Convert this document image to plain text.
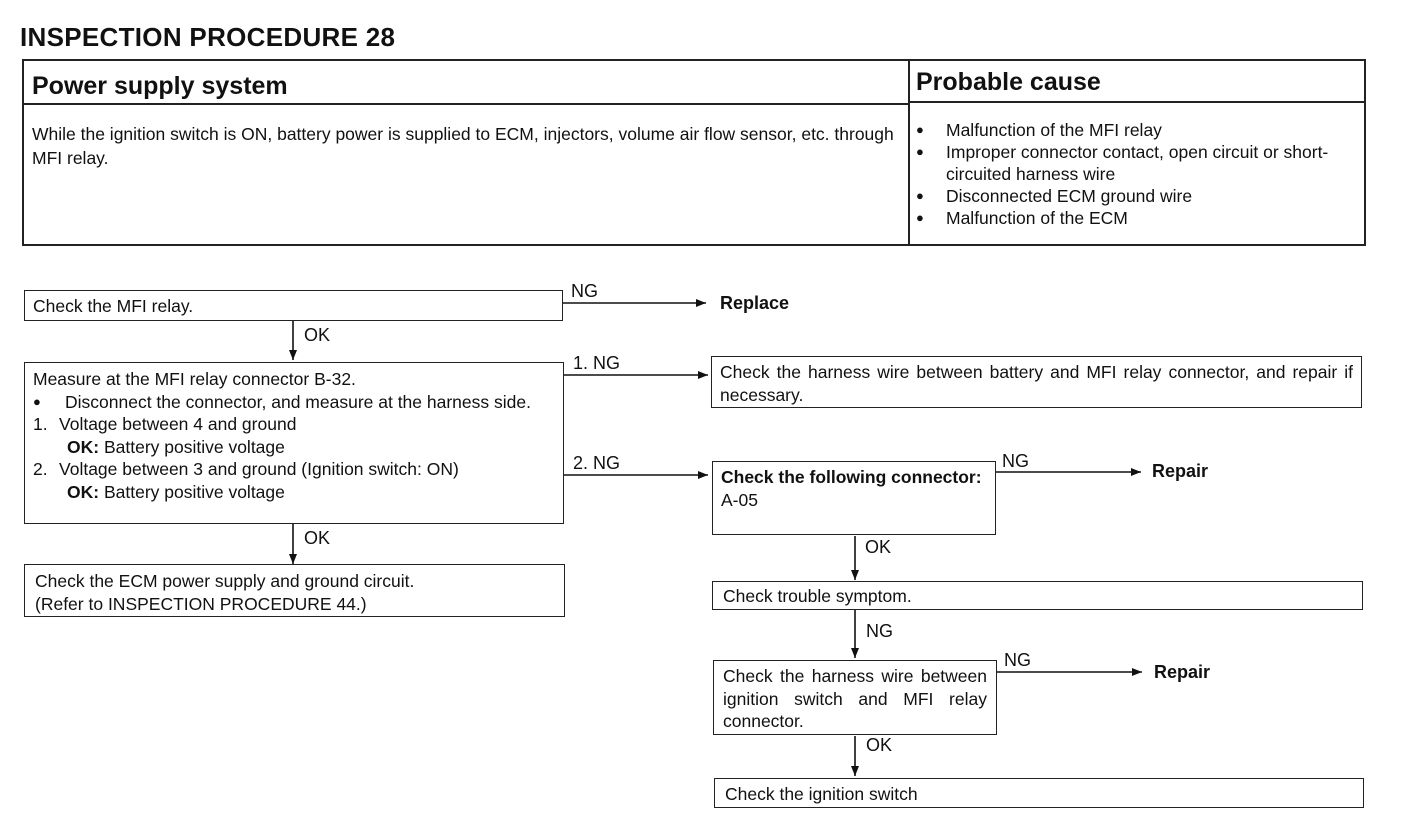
INSPECTION PROCEDURE 28
Power supply system
While the ignition switch is ON, battery power is supplied to ECM, injectors, volume air flow sensor, etc. through MFI relay.
Probable cause
● Malfunction of the MFI relay
● Improper connector contact, open circuit or short-circuited harness wire
● Disconnected ECM ground wire
● Malfunction of the ECM
Check the MFI relay.
NG
Replace
OK
Measure at the MFI relay connector B-32.
● Disconnect the connector, and measure at the harness side.
1. Voltage between 4 and ground
OK: Battery positive voltage
2. Voltage between 3 and ground (Ignition switch: ON)
OK: Battery positive voltage
1. NG
2. NG
Check the harness wire between battery and MFI relay connector, and repair if necessary.
Check the following connector:
A-05
NG	Repair
OK
Check the ECM power supply and ground circuit.
(Refer to INSPECTION PROCEDURE 44.)
OK
Check trouble symptom.
NG
Check the harness wire between ignition switch and MFI relay connector.
NG
Repair
OK
Check the ignition switch
